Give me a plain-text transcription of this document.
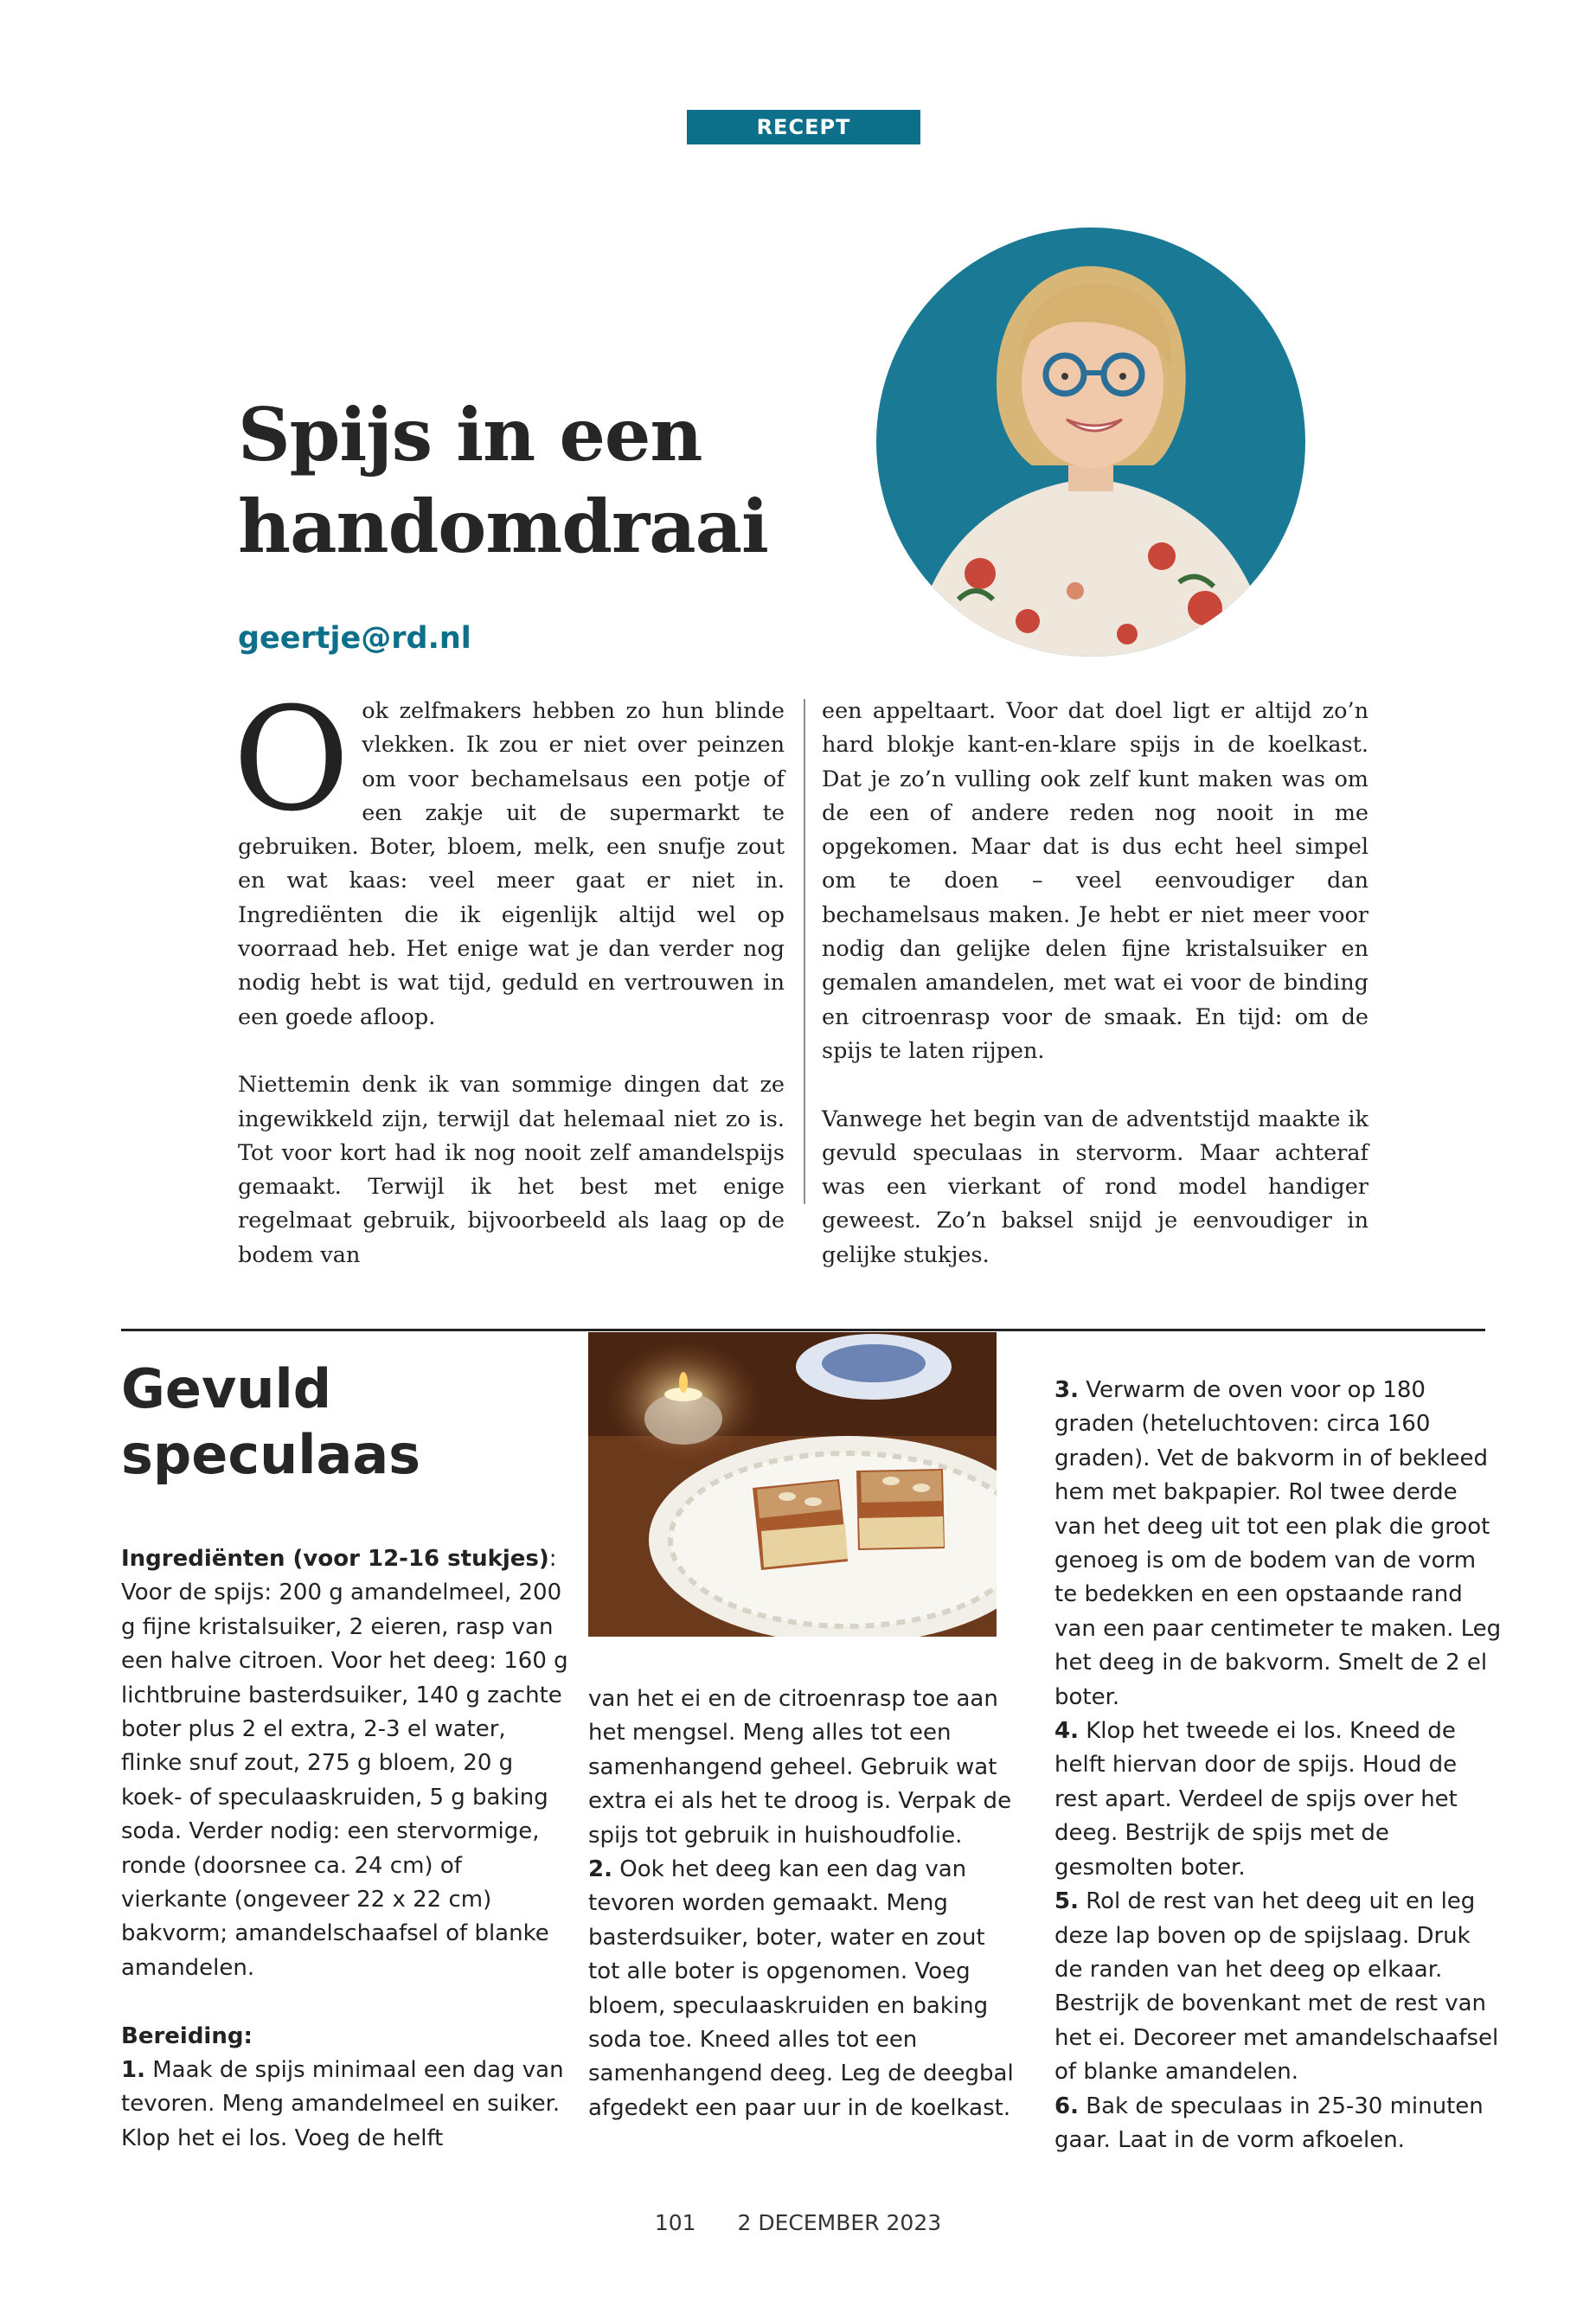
RECEPT
Spijs in een
handomdraai
geertje@rd.nl

Ook zelfmakers hebben zo hun blinde vlekken. Ik zou er niet over peinzen om voor bechamelsaus een potje of een zakje uit de supermarkt te gebruiken. Boter, bloem, melk, een snufje zout en wat kaas: veel meer gaat er niet in. Ingrediënten die ik eigenlijk altijd wel op voorraad heb. Het enige wat je dan verder nog nodig hebt is wat tijd, geduld en vertrouwen in een goede afloop.

Niettemin denk ik van sommige dingen dat ze ingewikkeld zijn, terwijl dat helemaal niet zo is. Tot voor kort had ik nog nooit zelf amandelspijs gemaakt. Terwijl ik het best met enige regelmaat gebruik, bijvoorbeeld als laag op de bodem van

een appeltaart. Voor dat doel ligt er altijd zo’n hard blokje kant-en-klare spijs in de koelkast. Dat je zo’n vulling ook zelf kunt maken was om de een of andere reden nog nooit in me opgekomen. Maar dat is dus echt heel simpel om te doen – veel eenvoudiger dan bechamelsaus maken. Je hebt er niet meer voor nodig dan gelijke delen fijne kristalsuiker en gemalen amandelen, met wat ei voor de binding en citroenrasp voor de smaak. En tijd: om de spijs te laten rijpen.

Vanwege het begin van de adventstijd maakte ik gevuld speculaas in stervorm. Maar achteraf was een vierkant of rond model handiger geweest. Zo’n baksel snijd je eenvoudiger in gelijke stukjes.

Gevuld
speculaas

Ingrediënten (voor 12-16 stukjes):
Voor de spijs: 200 g amandelmeel, 200 g fijne kristalsuiker, 2 eieren, rasp van een halve citroen. Voor het deeg: 160 g lichtbruine basterdsuiker, 140 g zachte boter plus 2 el extra, 2-3 el water, flinke snuf zout, 275 g bloem, 20 g koek- of speculaaskruiden, 5 g baking soda. Verder nodig: een stervormige, ronde (doorsnee ca. 24 cm) of vierkante (ongeveer 22 x 22 cm) bakvorm; amandelschaafsel of blanke amandelen.

Bereiding:

1. Maak de spijs minimaal een dag van tevoren. Meng amandelmeel en suiker. Klop het ei los. Voeg de helft

van het ei en de citroenrasp toe aan het mengsel. Meng alles tot een samenhangend geheel. Gebruik wat extra ei als het te droog is. Verpak de spijs tot gebruik in huishoudfolie.

2. Ook het deeg kan een dag van tevoren worden gemaakt. Meng basterdsuiker, boter, water en zout tot alle boter is opgenomen. Voeg bloem, speculaaskruiden en baking soda toe. Kneed alles tot een samenhangend deeg. Leg de deegbal afgedekt een paar uur in de koelkast.

3. Verwarm de oven voor op 180 graden (heteluchtoven: circa 160 graden). Vet de bakvorm in of bekleed hem met bakpapier. Rol twee derde van het deeg uit tot een plak die groot genoeg is om de bodem van de vorm te bedekken en een opstaande rand van een paar centimeter te maken. Leg het deeg in de bakvorm. Smelt de 2 el boter.

4. Klop het tweede ei los. Kneed de helft hiervan door de spijs. Houd de rest apart. Verdeel de spijs over het deeg. Bestrijk de spijs met de gesmolten boter.

5. Rol de rest van het deeg uit en leg deze lap boven op de spijslaag. Druk de randen van het deeg op elkaar. Bestrijk de bovenkant met de rest van het ei. Decoreer met amandelschaafsel of blanke amandelen.

6. Bak de speculaas in 25-30 minuten gaar. Laat in de vorm afkoelen.

101 2 DECEMBER 2023
